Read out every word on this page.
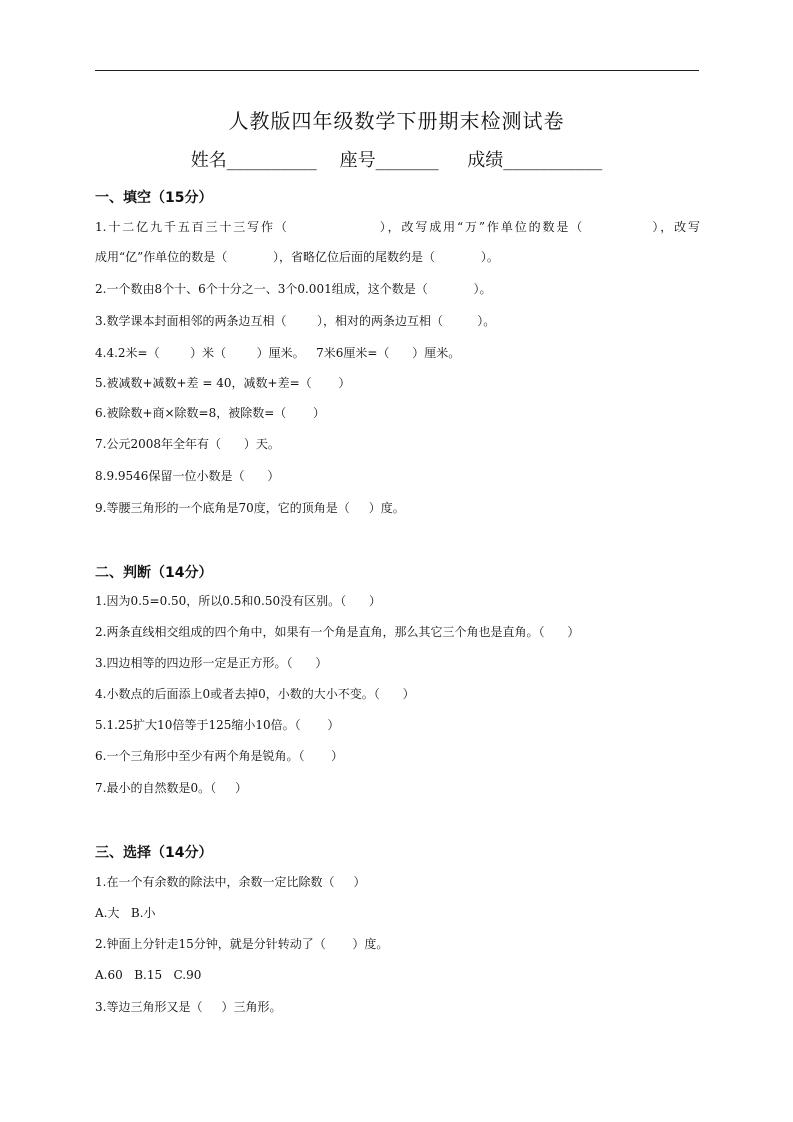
人教版四年级数学下册期末检测试卷
姓名__________    座号_______     成绩___________
一、填空（15分）
1.十二亿九千五百三十三写作（                ），改写成用“万”作单位的数是（            ），改写
成用“亿”作单位的数是（            ），省略亿位后面的尾数约是（            ）。
2.一个数由8个十、6个十分之一、3个0.001组成，这个数是（            ）。
3.数学课本封面相邻的两条边互相（        ），相对的两条边互相（         ）。
4.4.2米=（        ）米（        ）厘米。   7米6厘米=（      ）厘米。
5.被减数+减数+差 = 40，减数+差=（       ）
6.被除数+商×除数=8，被除数=（       ）
7.公元2008年全年有（      ）天。
8.9.9546保留一位小数是（      ）
9.等腰三角形的一个底角是70度，它的顶角是（     ）度。
二、判断（14分）
1.因为0.5=0.50，所以0.5和0.50没有区别。（      ）
2.两条直线相交组成的四个角中，如果有一个角是直角，那么其它三个角也是直角。（      ）
3.四边相等的四边形一定是正方形。（      ）
4.小数点的后面添上0或者去掉0，小数的大小不变。（      ）
5.1.25扩大10倍等于125缩小10倍。（       ）
6.一个三角形中至少有两个角是锐角。（       ）
7.最小的自然数是0。（     ）
三、选择（14分）
1.在一个有余数的除法中，余数一定比除数（     ）
A.大   B.小
2.钟面上分针走15分钟，就是分针转动了（       ）度。
A.60   B.15   C.90
3.等边三角形又是（     ）三角形。
